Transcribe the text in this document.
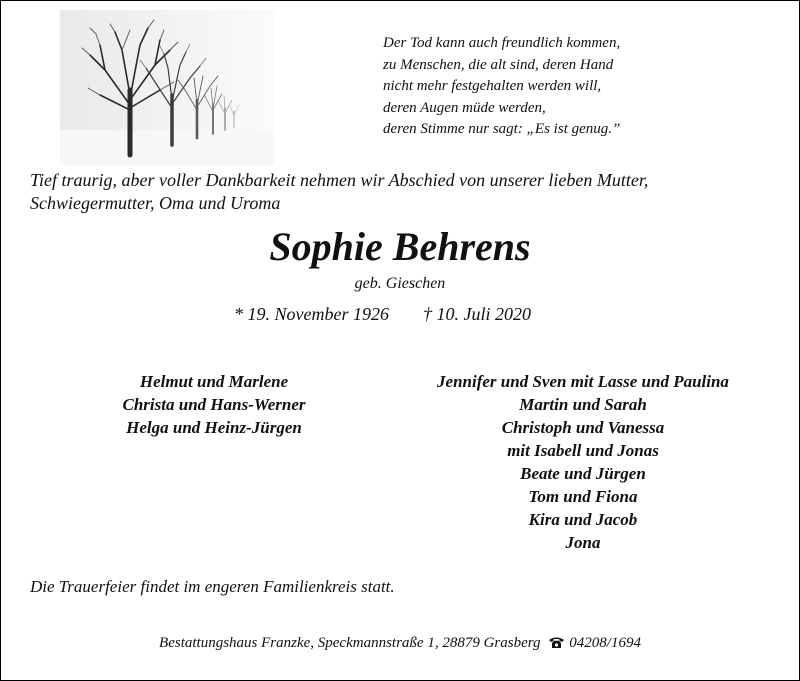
Der Tod kann auch freundlich kommen,
zu Menschen, die alt sind, deren Hand
nicht mehr festgehalten werden will,
deren Augen müde werden,
deren Stimme nur sagt: „Es ist genug.”
Tief traurig, aber voller Dankbarkeit nehmen wir Abschied von unserer lieben Mutter,
Schwiegermutter, Oma und Uroma
Sophie Behrens
geb. Gieschen
* 19. November 1926 † 10. Juli 2020
Helmut und Marlene
Christa und Hans-Werner
Helga und Heinz-Jürgen
Jennifer und Sven mit Lasse und Paulina
Martin und Sarah
Christoph und Vanessa
mit Isabell und Jonas
Beate und Jürgen
Tom und Fiona
Kira und Jacob
Jona
Die Trauerfeier findet im engeren Familienkreis statt.
Bestattungshaus Franzke, Speckmannstraße 1, 28879 Grasberg 04208/1694
